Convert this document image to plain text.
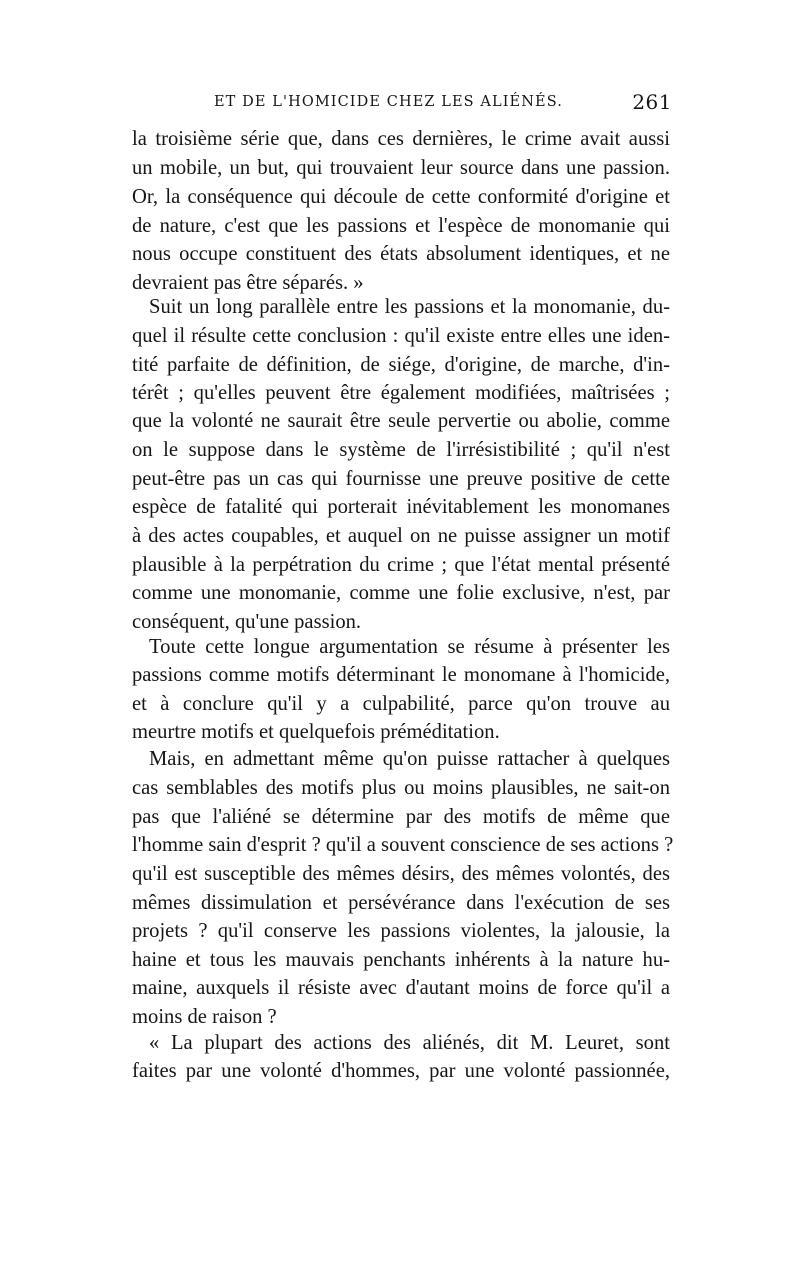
ET DE L'HOMICIDE CHEZ LES ALIÉNÉS.	261
la troisième série que, dans ces dernières, le crime avait aussi
un mobile, un but, qui trouvaient leur source dans une passion.
Or, la conséquence qui découle de cette conformité d'origine et
de nature, c'est que les passions et l'espèce de monomanie qui
nous occupe constituent des états absolument identiques, et ne
devraient pas être séparés. »
Suit un long parallèle entre les passions et la monomanie, du-
quel il résulte cette conclusion : qu'il existe entre elles une iden-
tité parfaite de définition, de siége, d'origine, de marche, d'in-
térêt ; qu'elles peuvent être également modifiées, maîtrisées ;
que la volonté ne saurait être seule pervertie ou abolie, comme
on le suppose dans le système de l'irrésistibilité ; qu'il n'est
peut-être pas un cas qui fournisse une preuve positive de cette
espèce de fatalité qui porterait inévitablement les monomanes
à des actes coupables, et auquel on ne puisse assigner un motif
plausible à la perpétration du crime ; que l'état mental présenté
comme une monomanie, comme une folie exclusive, n'est, par
conséquent, qu'une passion.
Toute cette longue argumentation se résume à présenter les
passions comme motifs déterminant le monomane à l'homicide,
et à conclure qu'il y a culpabilité, parce qu'on trouve au
meurtre motifs et quelquefois préméditation.
Mais, en admettant même qu'on puisse rattacher à quelques
cas semblables des motifs plus ou moins plausibles, ne sait-on
pas que l'aliéné se détermine par des motifs de même que
l'homme sain d'esprit ? qu'il a souvent conscience de ses actions ?
qu'il est susceptible des mêmes désirs, des mêmes volontés, des
mêmes dissimulation et persévérance dans l'exécution de ses
projets ? qu'il conserve les passions violentes, la jalousie, la
haine et tous les mauvais penchants inhérents à la nature hu-
maine, auxquels il résiste avec d'autant moins de force qu'il a
moins de raison ?
« La plupart des actions des aliénés, dit M. Leuret, sont
faites par une volonté d'hommes, par une volonté passionnée,
